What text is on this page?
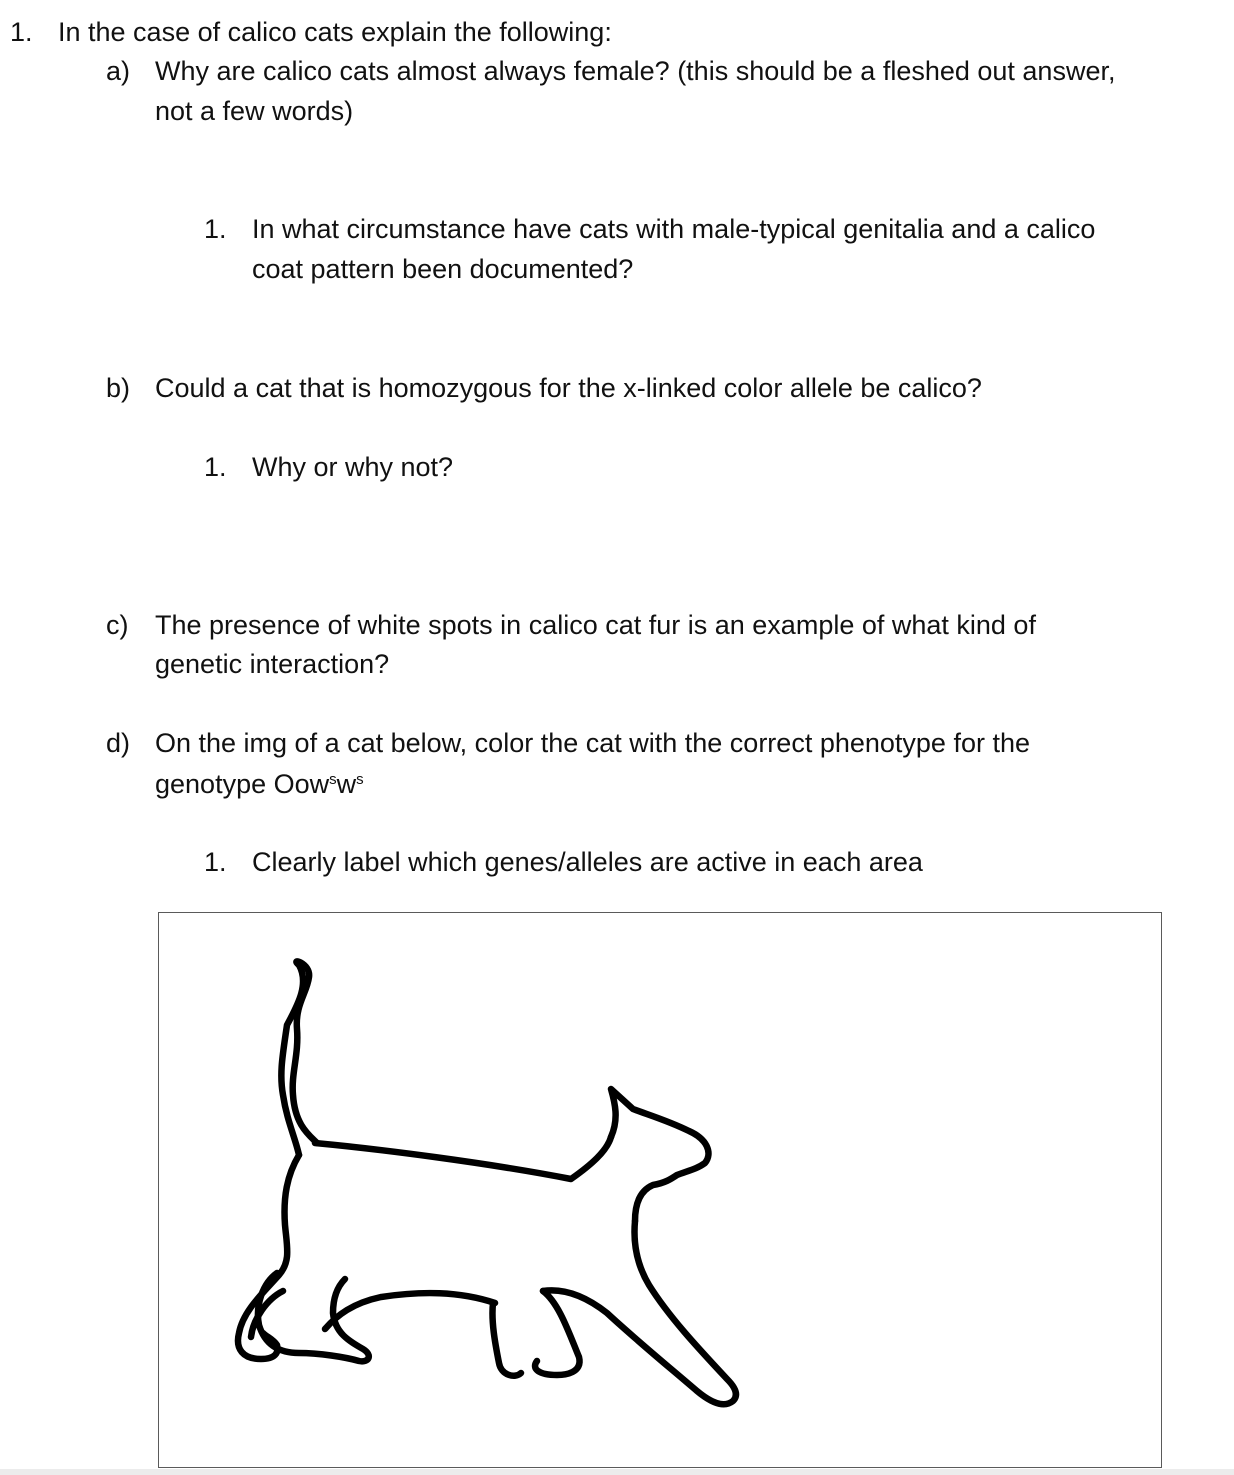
1. In the case of calico cats explain the following:
a) Why are calico cats almost always female? (this should be a fleshed out answer,
not a few words)
1. In what circumstance have cats with male-typical genitalia and a calico
coat pattern been documented?
b) Could a cat that is homozygous for the x-linked color allele be calico?
1. Why or why not?
c) The presence of white spots in calico cat fur is an example of what kind of
genetic interaction?
d) On the img of a cat below, color the cat with the correct phenotype for the
genotype $Oow^sw^s$
1. Clearly label which genes/alleles are active in each area
